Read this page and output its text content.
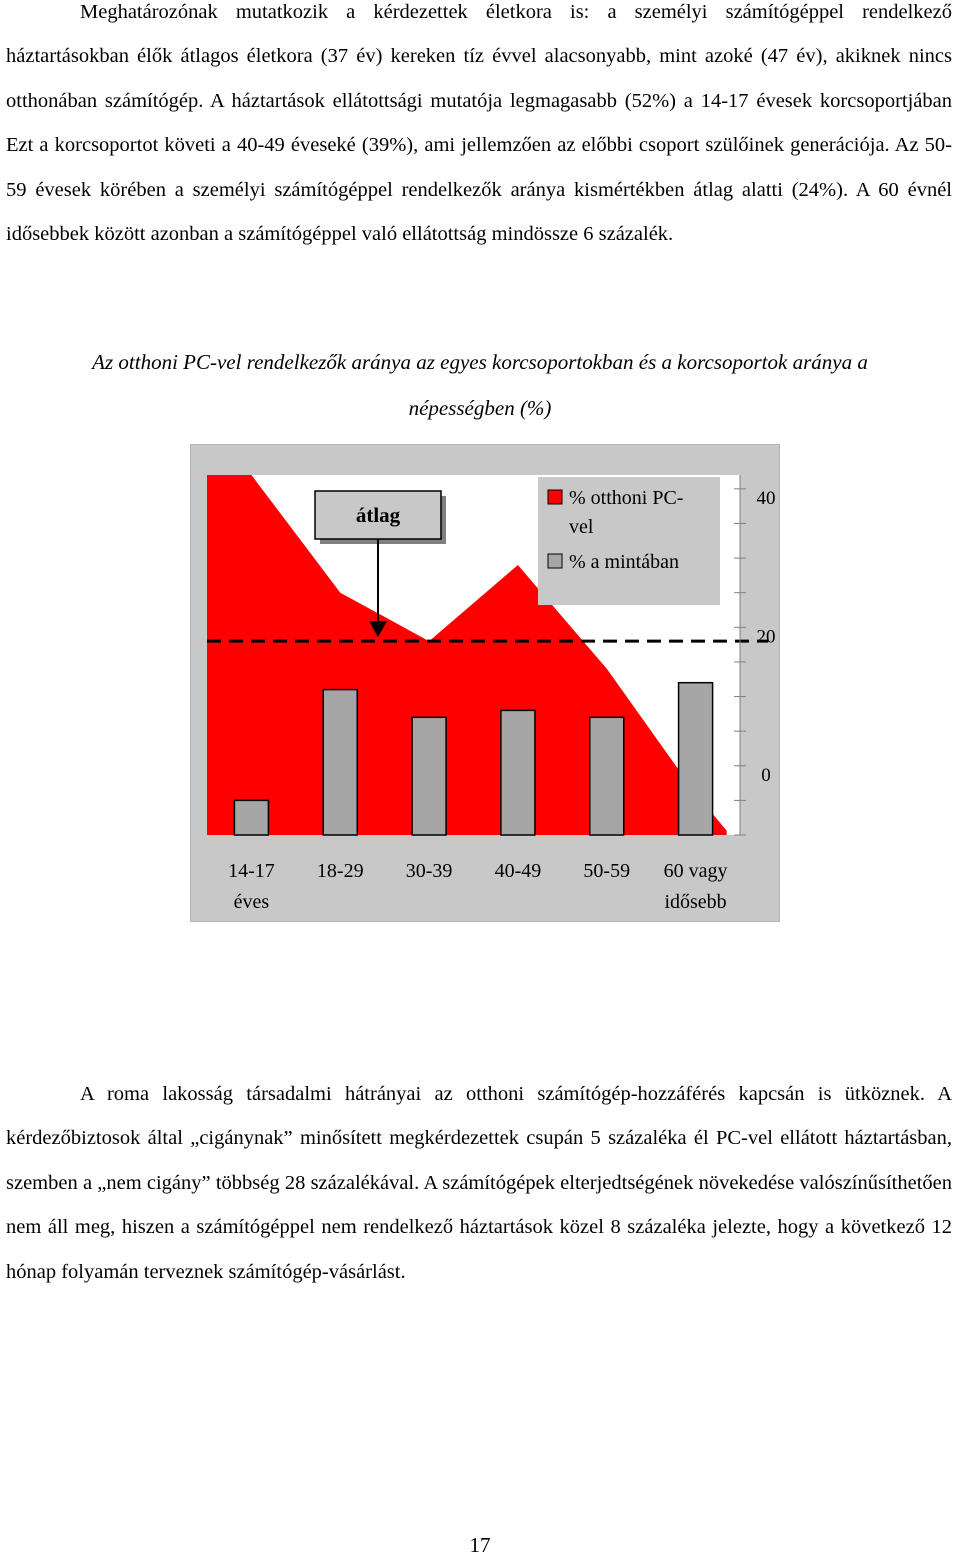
Meghatározónak mutatkozik a kérdezettek életkora is: a személyi számítógéppel rendelkező háztartásokban élők átlagos életkora (37 év) kereken tíz évvel alacsonyabb, mint azoké (47 év), akiknek nincs otthonában számítógép. A háztartások ellátottsági mutatója legmagasabb (52%) a 14-17 évesek korcsoportjában Ezt a korcsoportot követi a 40-49 éveseké (39%), ami jellemzően az előbbi csoport szülőinek generációja. Az 50-59 évesek körében a személyi számítógéppel rendelkezők aránya kismértékben átlag alatti (24%). A 60 évnél idősebbek között azonban a számítógéppel való ellátottság mindössze 6 százalék.

Az otthoni PC-vel rendelkezők aránya az egyes korcsoportokban és a korcsoportok aránya a

népességben (%)

0
20
40
14-17 éves
18-29 30-39 40-49 50-59 60 vagy idősebb
átlag
% otthoni PC-vel
% a mintában

A roma lakosság társadalmi hátrányai az otthoni számítógép-hozzáférés kapcsán is ütköznek. A kérdezőbiztosok által „cigánynak” minősített megkérdezettek csupán 5 százaléka él PC-vel ellátott háztartásban, szemben a „nem cigány” többség 28 százalékával. A számítógépek elterjedtségének növekedése valószínűsíthetően nem áll meg, hiszen a számítógéppel nem rendelkező háztartások közel 8 százaléka jelezte, hogy a következő 12 hónap folyamán terveznek számítógép-vásárlást.

17
